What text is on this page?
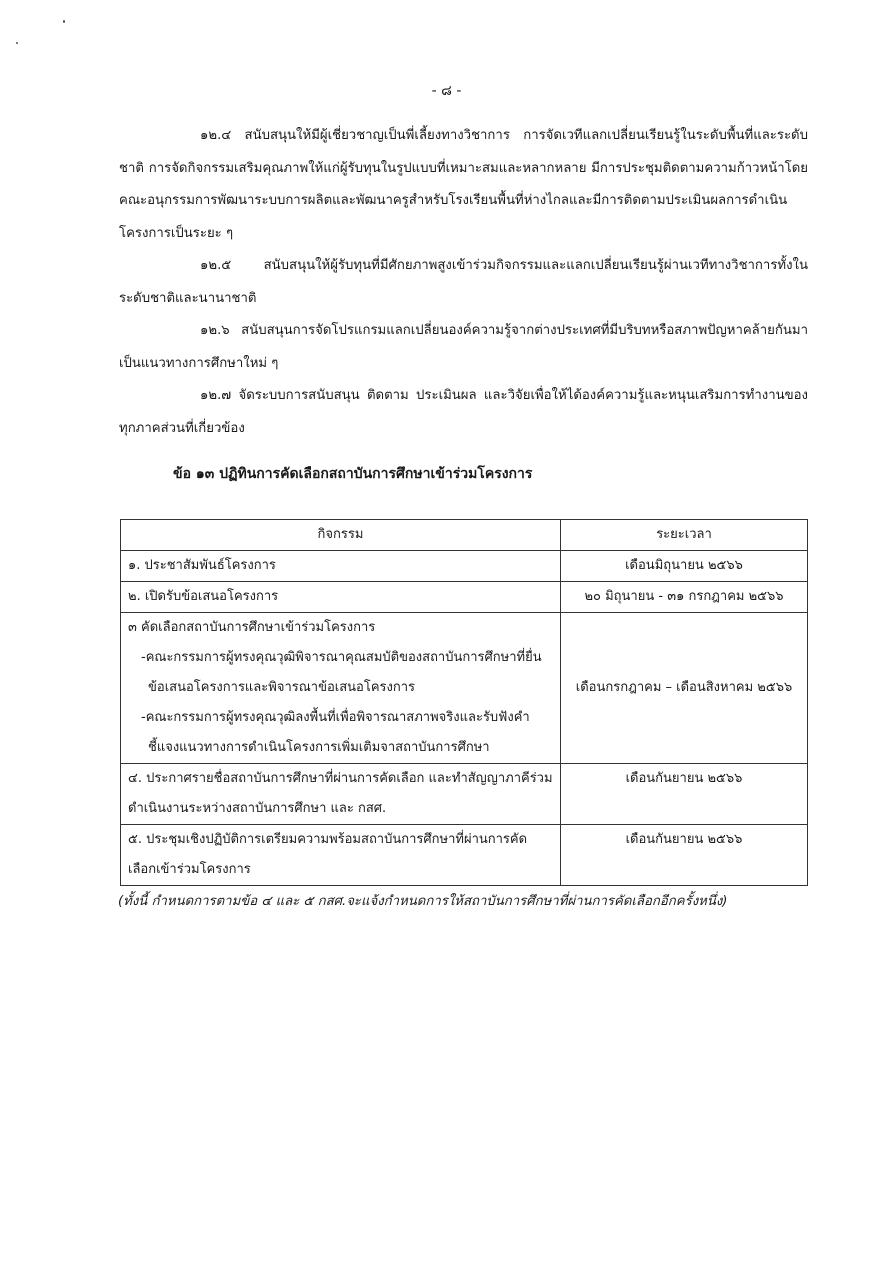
- ๘ -
๑๒.๔ สนับสนุนให้มีผู้เชี่ยวชาญเป็นพี่เลี้ยงทางวิชาการ การจัดเวทีแลกเปลี่ยนเรียนรู้ในระดับพื้นที่และระดับชาติ การจัดกิจกรรมเสริมคุณภาพให้แก่ผู้รับทุนในรูปแบบที่เหมาะสมและหลากหลาย มีการประชุมติดตามความก้าวหน้าโดยคณะอนุกรรมการพัฒนาระบบการผลิตและพัฒนาครูสำหรับโรงเรียนพื้นที่ห่างไกลและมีการติดตามประเมินผลการดำเนินโครงการเป็นระยะ ๆ
๑๒.๕ สนับสนุนให้ผู้รับทุนที่มีศักยภาพสูงเข้าร่วมกิจกรรมและแลกเปลี่ยนเรียนรู้ผ่านเวทีทางวิชาการทั้งในระดับชาติและนานาชาติ
๑๒.๖ สนับสนุนการจัดโปรแกรมแลกเปลี่ยนองค์ความรู้จากต่างประเทศที่มีบริบทหรือสภาพปัญหาคล้ายกันมาเป็นแนวทางการศึกษาใหม่ ๆ
๑๒.๗ จัดระบบการสนับสนุน ติดตาม ประเมินผล และวิจัยเพื่อให้ได้องค์ความรู้และหนุนเสริมการทำงานของทุกภาคส่วนที่เกี่ยวข้อง
ข้อ ๑๓ ปฏิทินการคัดเลือกสถาบันการศึกษาเข้าร่วมโครงการ
กิจกรรม	ระยะเวลา
๑. ประชาสัมพันธ์โครงการ	เดือนมิถุนายน ๒๕๖๖
๒. เปิดรับข้อเสนอโครงการ	๒๐ มิถุนายน - ๓๑ กรกฎาคม ๒๕๖๖

๓ คัดเลือกสถาบันการศึกษาเข้าร่วมโครงการ
-คณะกรรมการผู้ทรงคุณวุฒิพิจารณาคุณสมบัติของสถาบันการศึกษาที่ยื่นข้อเสนอโครงการและพิจารณาข้อเสนอโครงการ
-คณะกรรมการผู้ทรงคุณวุฒิลงพื้นที่เพื่อพิจารณาสภาพจริงและรับฟังคำชี้แจงแนวทางการดำเนินโครงการเพิ่มเติมจาสถาบันการศึกษา	เดือนกรกฎาคม – เดือนสิงหาคม ๒๕๖๖
๔. ประกาศรายชื่อสถาบันการศึกษาที่ผ่านการคัดเลือก และทำสัญญาภาคีร่วมดำเนินงานระหว่างสถาบันการศึกษา และ กสศ.	เดือนกันยายน ๒๕๖๖
๕. ประชุมเชิงปฏิบัติการเตรียมความพร้อมสถาบันการศึกษาที่ผ่านการคัดเลือกเข้าร่วมโครงการ	เดือนกันยายน ๒๕๖๖
(ทั้งนี้ กำหนดการตามข้อ ๔ และ ๕ กสศ.จะแจ้งกำหนดการให้สถาบันการศึกษาที่ผ่านการคัดเลือกอีกครั้งหนึ่ง)
